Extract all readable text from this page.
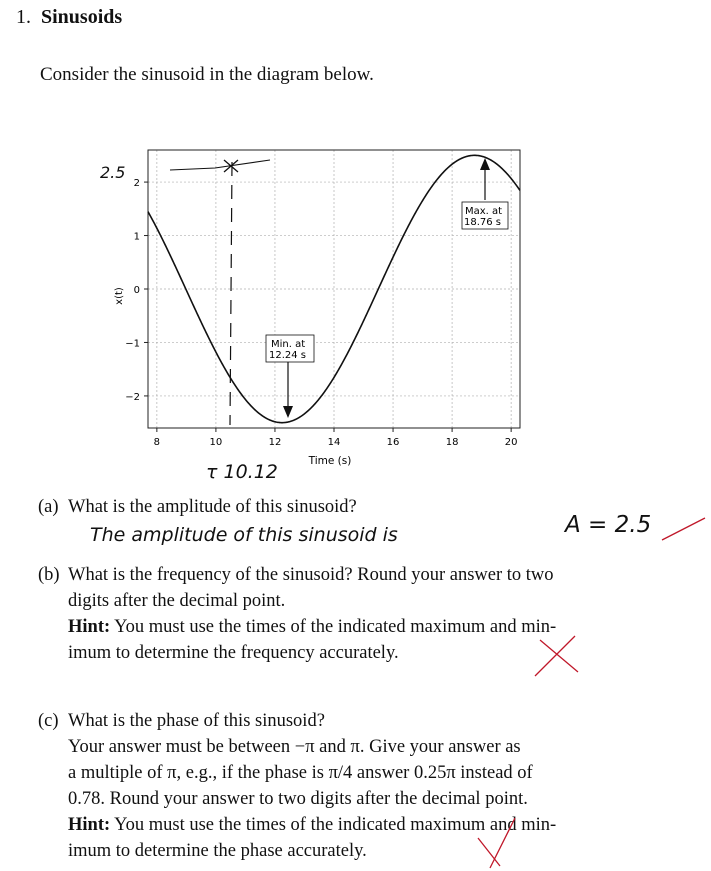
1. Sinusoids
Consider the sinusoid in the diagram below.
8	10	12	14	16	18	20
−2
−1
0
1
2
Min. at
12.24 s
Max. at
18.76 s
Time (s)
x(t)
2.5
τ 10.12
(a) What is the amplitude of this sinusoid?
The amplitude of this sinusoid is	A = 2.5
(b) What is the frequency of the sinusoid? Round your answer to two
digits after the decimal point.
Hint: You must use the times of the indicated maximum and min-
imum to determine the frequency accurately.
(c) What is the phase of this sinusoid?
Your answer must be between −π and π. Give your answer as
a multiple of π, e.g., if the phase is π/4 answer 0.25π instead of
0.78. Round your answer to two digits after the decimal point.
Hint: You must use the times of the indicated maximum and min-
imum to determine the phase accurately.
